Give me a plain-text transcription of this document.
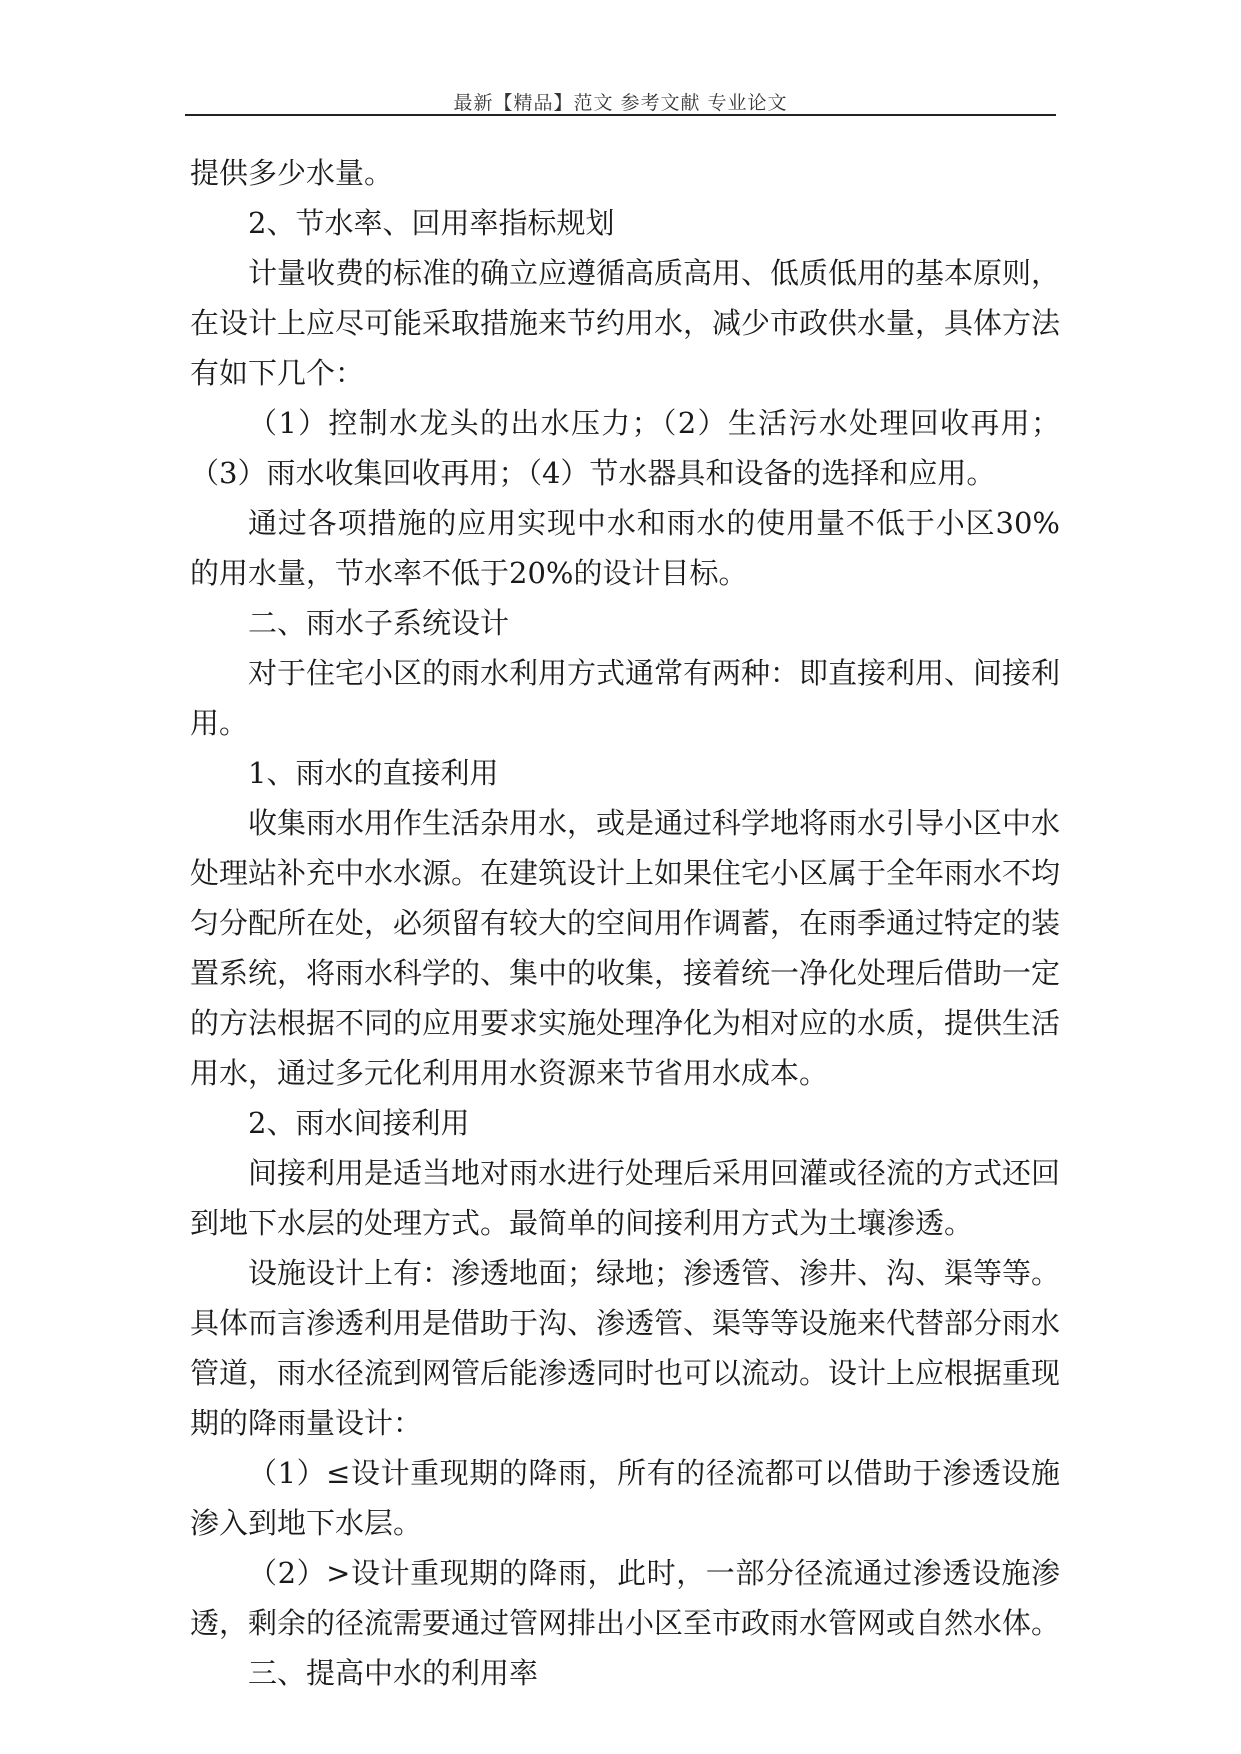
最新【精品】范文 参考文献 专业论文

提供多少水量。

2、节水率、回用率指标规划

计量收费的标准的确立应遵循高质高用、低质低用的基本原则，在设计上应尽可能采取措施来节约用水，减少市政供水量，具体方法有如下几个：

（1）控制水龙头的出水压力；（2）生活污水处理回收再用；（3）雨水收集回收再用；（4）节水器具和设备的选择和应用。

通过各项措施的应用实现中水和雨水的使用量不低于小区30%的用水量，节水率不低于20%的设计目标。

二、雨水子系统设计

对于住宅小区的雨水利用方式通常有两种：即直接利用、间接利用。

1、雨水的直接利用

收集雨水用作生活杂用水，或是通过科学地将雨水引导小区中水处理站补充中水水源。在建筑设计上如果住宅小区属于全年雨水不均匀分配所在处，必须留有较大的空间用作调蓄，在雨季通过特定的装置系统，将雨水科学的、集中的收集，接着统一净化处理后借助一定的方法根据不同的应用要求实施处理净化为相对应的水质，提供生活用水，通过多元化利用用水资源来节省用水成本。

2、雨水间接利用

间接利用是适当地对雨水进行处理后采用回灌或径流的方式还回到地下水层的处理方式。最简单的间接利用方式为土壤渗透。

设施设计上有：渗透地面；绿地；渗透管、渗井、沟、渠等等。具体而言渗透利用是借助于沟、渗透管、渠等等设施来代替部分雨水管道，雨水径流到网管后能渗透同时也可以流动。设计上应根据重现期的降雨量设计：

（1）≤设计重现期的降雨，所有的径流都可以借助于渗透设施渗入到地下水层。

（2）>设计重现期的降雨，此时，一部分径流通过渗透设施渗透，剩余的径流需要通过管网排出小区至市政雨水管网或自然水体。

三、提高中水的利用率
